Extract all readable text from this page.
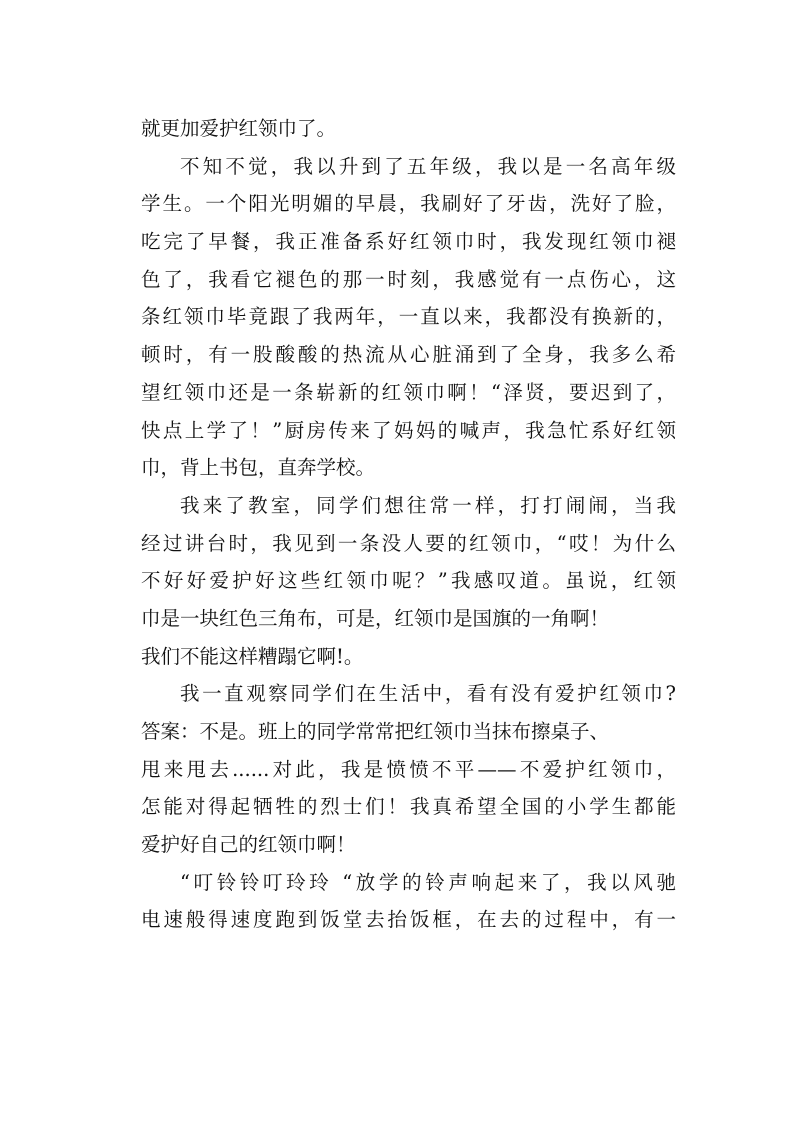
就更加爱护红领巾了。
不知不觉，我以升到了五年级，我以是一名高年级
学生。一个阳光明媚的早晨，我刷好了牙齿，洗好了脸，
吃完了早餐，我正准备系好红领巾时，我发现红领巾褪
色了，我看它褪色的那一时刻，我感觉有一点伤心，这
条红领巾毕竟跟了我两年，一直以来，我都没有换新的，
顿时，有一股酸酸的热流从心脏涌到了全身，我多么希
望红领巾还是一条崭新的红领巾啊！“泽贤，要迟到了，
快点上学了！”厨房传来了妈妈的喊声，我急忙系好红领
巾，背上书包，直奔学校。
我来了教室，同学们想往常一样，打打闹闹，当我
经过讲台时，我见到一条没人要的红领巾，“哎！为什么
不好好爱护好这些红领巾呢？”我感叹道。虽说，红领
巾是一块红色三角布，可是，红领巾是国旗的一角啊！
我们不能这样糟蹋它啊!。
我一直观察同学们在生活中，看有没有爱护红领巾?
答案：不是。班上的同学常常把红领巾当抹布擦桌子、
甩来甩去......对此，我是愤愤不平——不爱护红领巾，
怎能对得起牺牲的烈士们！我真希望全国的小学生都能
爱护好自己的红领巾啊！
“叮铃铃叮玲玲 “放学的铃声响起来了，我以风驰
电速般得速度跑到饭堂去抬饭框，在去的过程中，有一
